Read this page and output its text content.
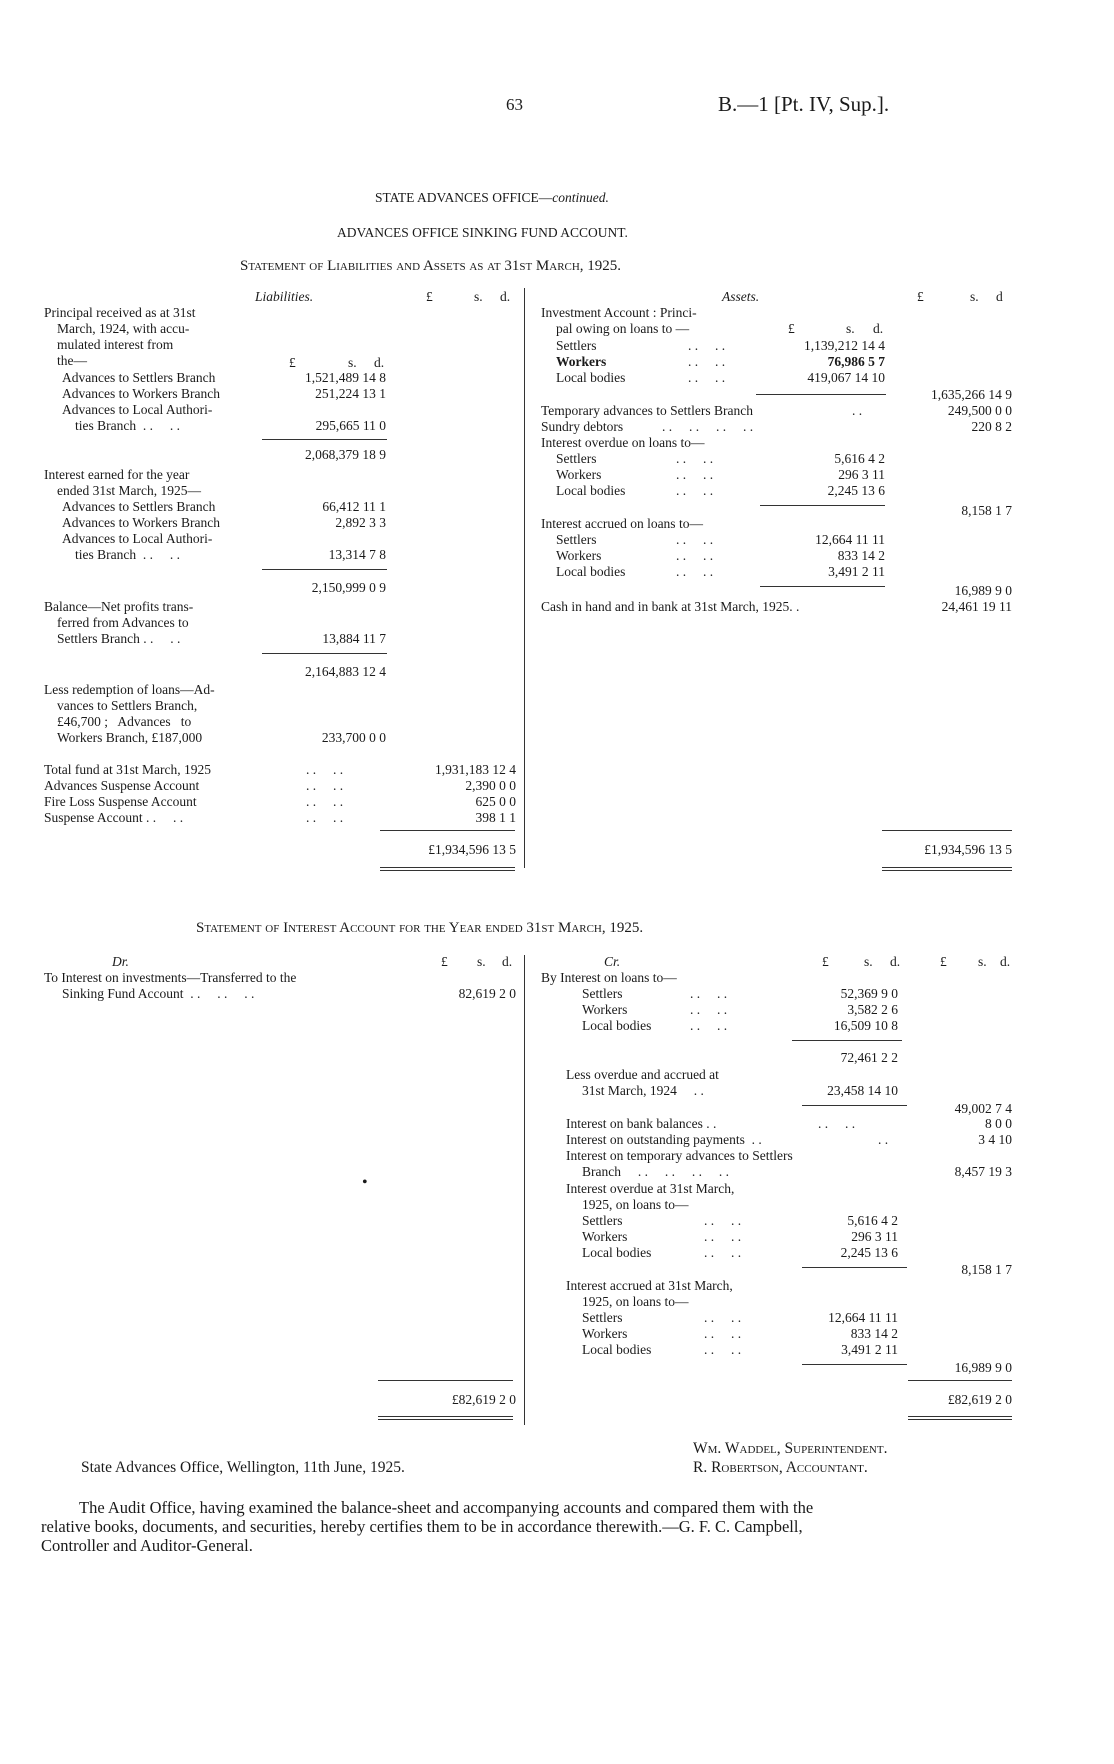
63	B.—1 [Pt. IV, Sup.].
STATE ADVANCES OFFICE—continued.
ADVANCES OFFICE SINKING FUND ACCOUNT.
Statement of Liabilities and Assets as at 31st March, 1925.
Liabilities.	£	s. d.
Principal received as at 31st
March, 1924, with accu-
mulated interest from
the—	£	s. d.
Advances to Settlers Branch	1,521,489 14 8
Advances to Workers Branch	251,224 13 1
Advances to Local Authori-
ties Branch  . .     . .	295,665 11 0
2,068,379 18 9
Interest earned for the year
ended 31st March, 1925—
Advances to Settlers Branch	66,412 11 1
Advances to Workers Branch	2,892 3 3
Advances to Local Authori-
ties Branch  . .     . .	13,314 7 8
2,150,999 0 9
Balance—Net profits trans-
ferred from Advances to
Settlers Branch . .     . .	13,884 11 7
2,164,883 12 4
Less redemption of loans—Ad-
vances to Settlers Branch,
£46,700 ;   Advances   to
Workers Branch, £187,000	233,700 0 0
Total fund at 31st March, 1925	. .     . .	1,931,183 12 4
Advances Suspense Account	. .     . .	2,390 0 0
Fire Loss Suspense Account	. .     . .	625 0 0
Suspense Account . .     . .	. .     . .	398 1 1
£1,934,596 13 5
Assets.	£	s. d
Investment Account : Princi-
pal owing on loans to —	£	s. d.
Settlers	. .     . .	1,139,212 14 4
Workers	. .     . .	76,986 5 7
Local bodies	. .     . .	419,067 14 10
1,635,266 14 9
Temporary advances to Settlers Branch	. .	249,500 0 0
Sundry debtors	. .     . .     . .     . .	220 8 2
Interest overdue on loans to—
Settlers	. .     . .	5,616 4 2
Workers	. .     . .	296 3 11
Local bodies	. .     . .	2,245 13 6
8,158 1 7
Interest accrued on loans to—
Settlers	. .     . .	12,664 11 11
Workers	. .     . .	833 14 2
Local bodies	. .     . .	3,491 2 11
16,989 9 0
Cash in hand and in bank at 31st March, 1925. .	24,461 19 11
£1,934,596 13 5
Statement of Interest Account for the Year ended 31st March, 1925.
Dr.	£ s. d.
To Interest on investments—Transferred to the
Sinking Fund Account  . .     . .     . .	82,619 2 0
•
£82,619 2 0
Cr.	£	s. d.	£ s. d.
By Interest on loans to—
Settlers	. .     . .	52,369 9 0
Workers	. .     . .	3,582 2 6
Local bodies	. .     . .	16,509 10 8
72,461 2 2
Less overdue and accrued at
31st March, 1924     . .	23,458 14 10
49,002 7 4
Interest on bank balances . .	. .     . .	8 0 0
Interest on outstanding payments  . .	. .	3 4 10
Interest on temporary advances to Settlers
Branch     . .     . .     . .     . .	8,457 19 3
Interest overdue at 31st March,
1925, on loans to—
Settlers	. .     . .	5,616 4 2
Workers	. .     . .	296 3 11
Local bodies	. .     . .	2,245 13 6
8,158 1 7
Interest accrued at 31st March,
1925, on loans to—
Settlers	. .     . .	12,664 11 11
Workers	. .     . .	833 14 2
Local bodies	. .     . .	3,491 2 11
16,989 9 0
£82,619 2 0
State Advances Office, Wellington, 11th June, 1925.
Wm. Waddel, Superintendent.
R. Robertson, Accountant.
The Audit Office, having examined the balance-sheet and accompanying accounts and compared them with the
relative books, documents, and securities, hereby certifies them to be in accordance therewith.—G. F. C. Campbell,
Controller and Auditor-General.
